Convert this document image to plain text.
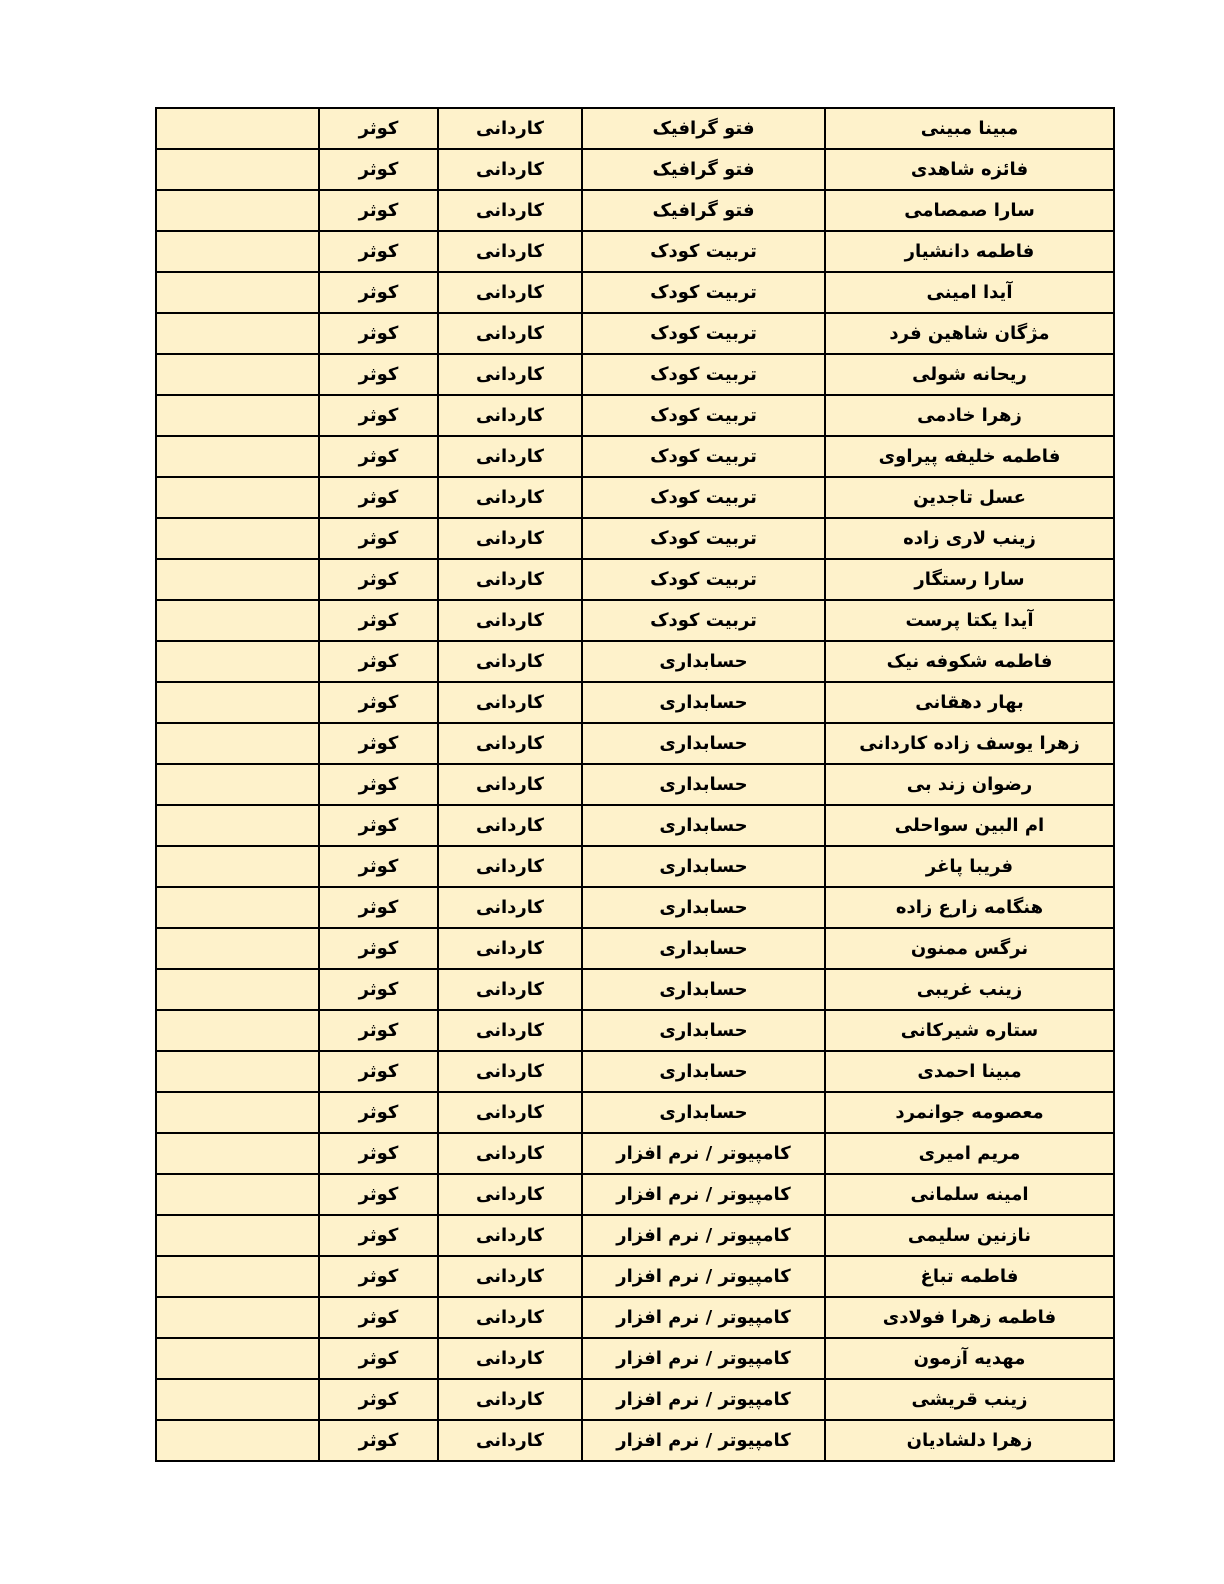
	کوثر	کاردانی	فتو گرافیک	مبینا مبینی
	کوثر	کاردانی	فتو گرافیک	فائزه شاهدی
	کوثر	کاردانی	فتو گرافیک	سارا صمصامی
	کوثر	کاردانی	تربیت کودک	فاطمه دانشیار
	کوثر	کاردانی	تربیت کودک	آیدا امینی
	کوثر	کاردانی	تربیت کودک	مژگان شاهین فرد
	کوثر	کاردانی	تربیت کودک	ریحانه شولی
	کوثر	کاردانی	تربیت کودک	زهرا خادمی
	کوثر	کاردانی	تربیت کودک	فاطمه خلیفه پیراوی
	کوثر	کاردانی	تربیت کودک	عسل تاجدین
	کوثر	کاردانی	تربیت کودک	زینب لاری زاده
	کوثر	کاردانی	تربیت کودک	سارا رستگار
	کوثر	کاردانی	تربیت کودک	آیدا یکتا پرست
	کوثر	کاردانی	حسابداری	فاطمه شکوفه نیک
	کوثر	کاردانی	حسابداری	بهار دهقانی
	کوثر	کاردانی	حسابداری	زهرا یوسف زاده کاردانی
	کوثر	کاردانی	حسابداری	رضوان زند بی
	کوثر	کاردانی	حسابداری	ام البین سواحلی
	کوثر	کاردانی	حسابداری	فریبا پاغر
	کوثر	کاردانی	حسابداری	هنگامه زارع زاده
	کوثر	کاردانی	حسابداری	نرگس ممنون
	کوثر	کاردانی	حسابداری	زینب غریبی
	کوثر	کاردانی	حسابداری	ستاره شیرکانی
	کوثر	کاردانی	حسابداری	مبینا احمدی
	کوثر	کاردانی	حسابداری	معصومه جوانمرد
	کوثر	کاردانی	کامپیوتر / نرم افزار	مریم امیری
	کوثر	کاردانی	کامپیوتر / نرم افزار	امینه سلمانی
	کوثر	کاردانی	کامپیوتر / نرم افزار	نازنین سلیمی
	کوثر	کاردانی	کامپیوتر / نرم افزار	فاطمه تباغ
	کوثر	کاردانی	کامپیوتر / نرم افزار	فاطمه زهرا فولادی
	کوثر	کاردانی	کامپیوتر / نرم افزار	مهدیه آزمون
	کوثر	کاردانی	کامپیوتر / نرم افزار	زینب قریشی
	کوثر	کاردانی	کامپیوتر / نرم افزار	زهرا دلشادیان
